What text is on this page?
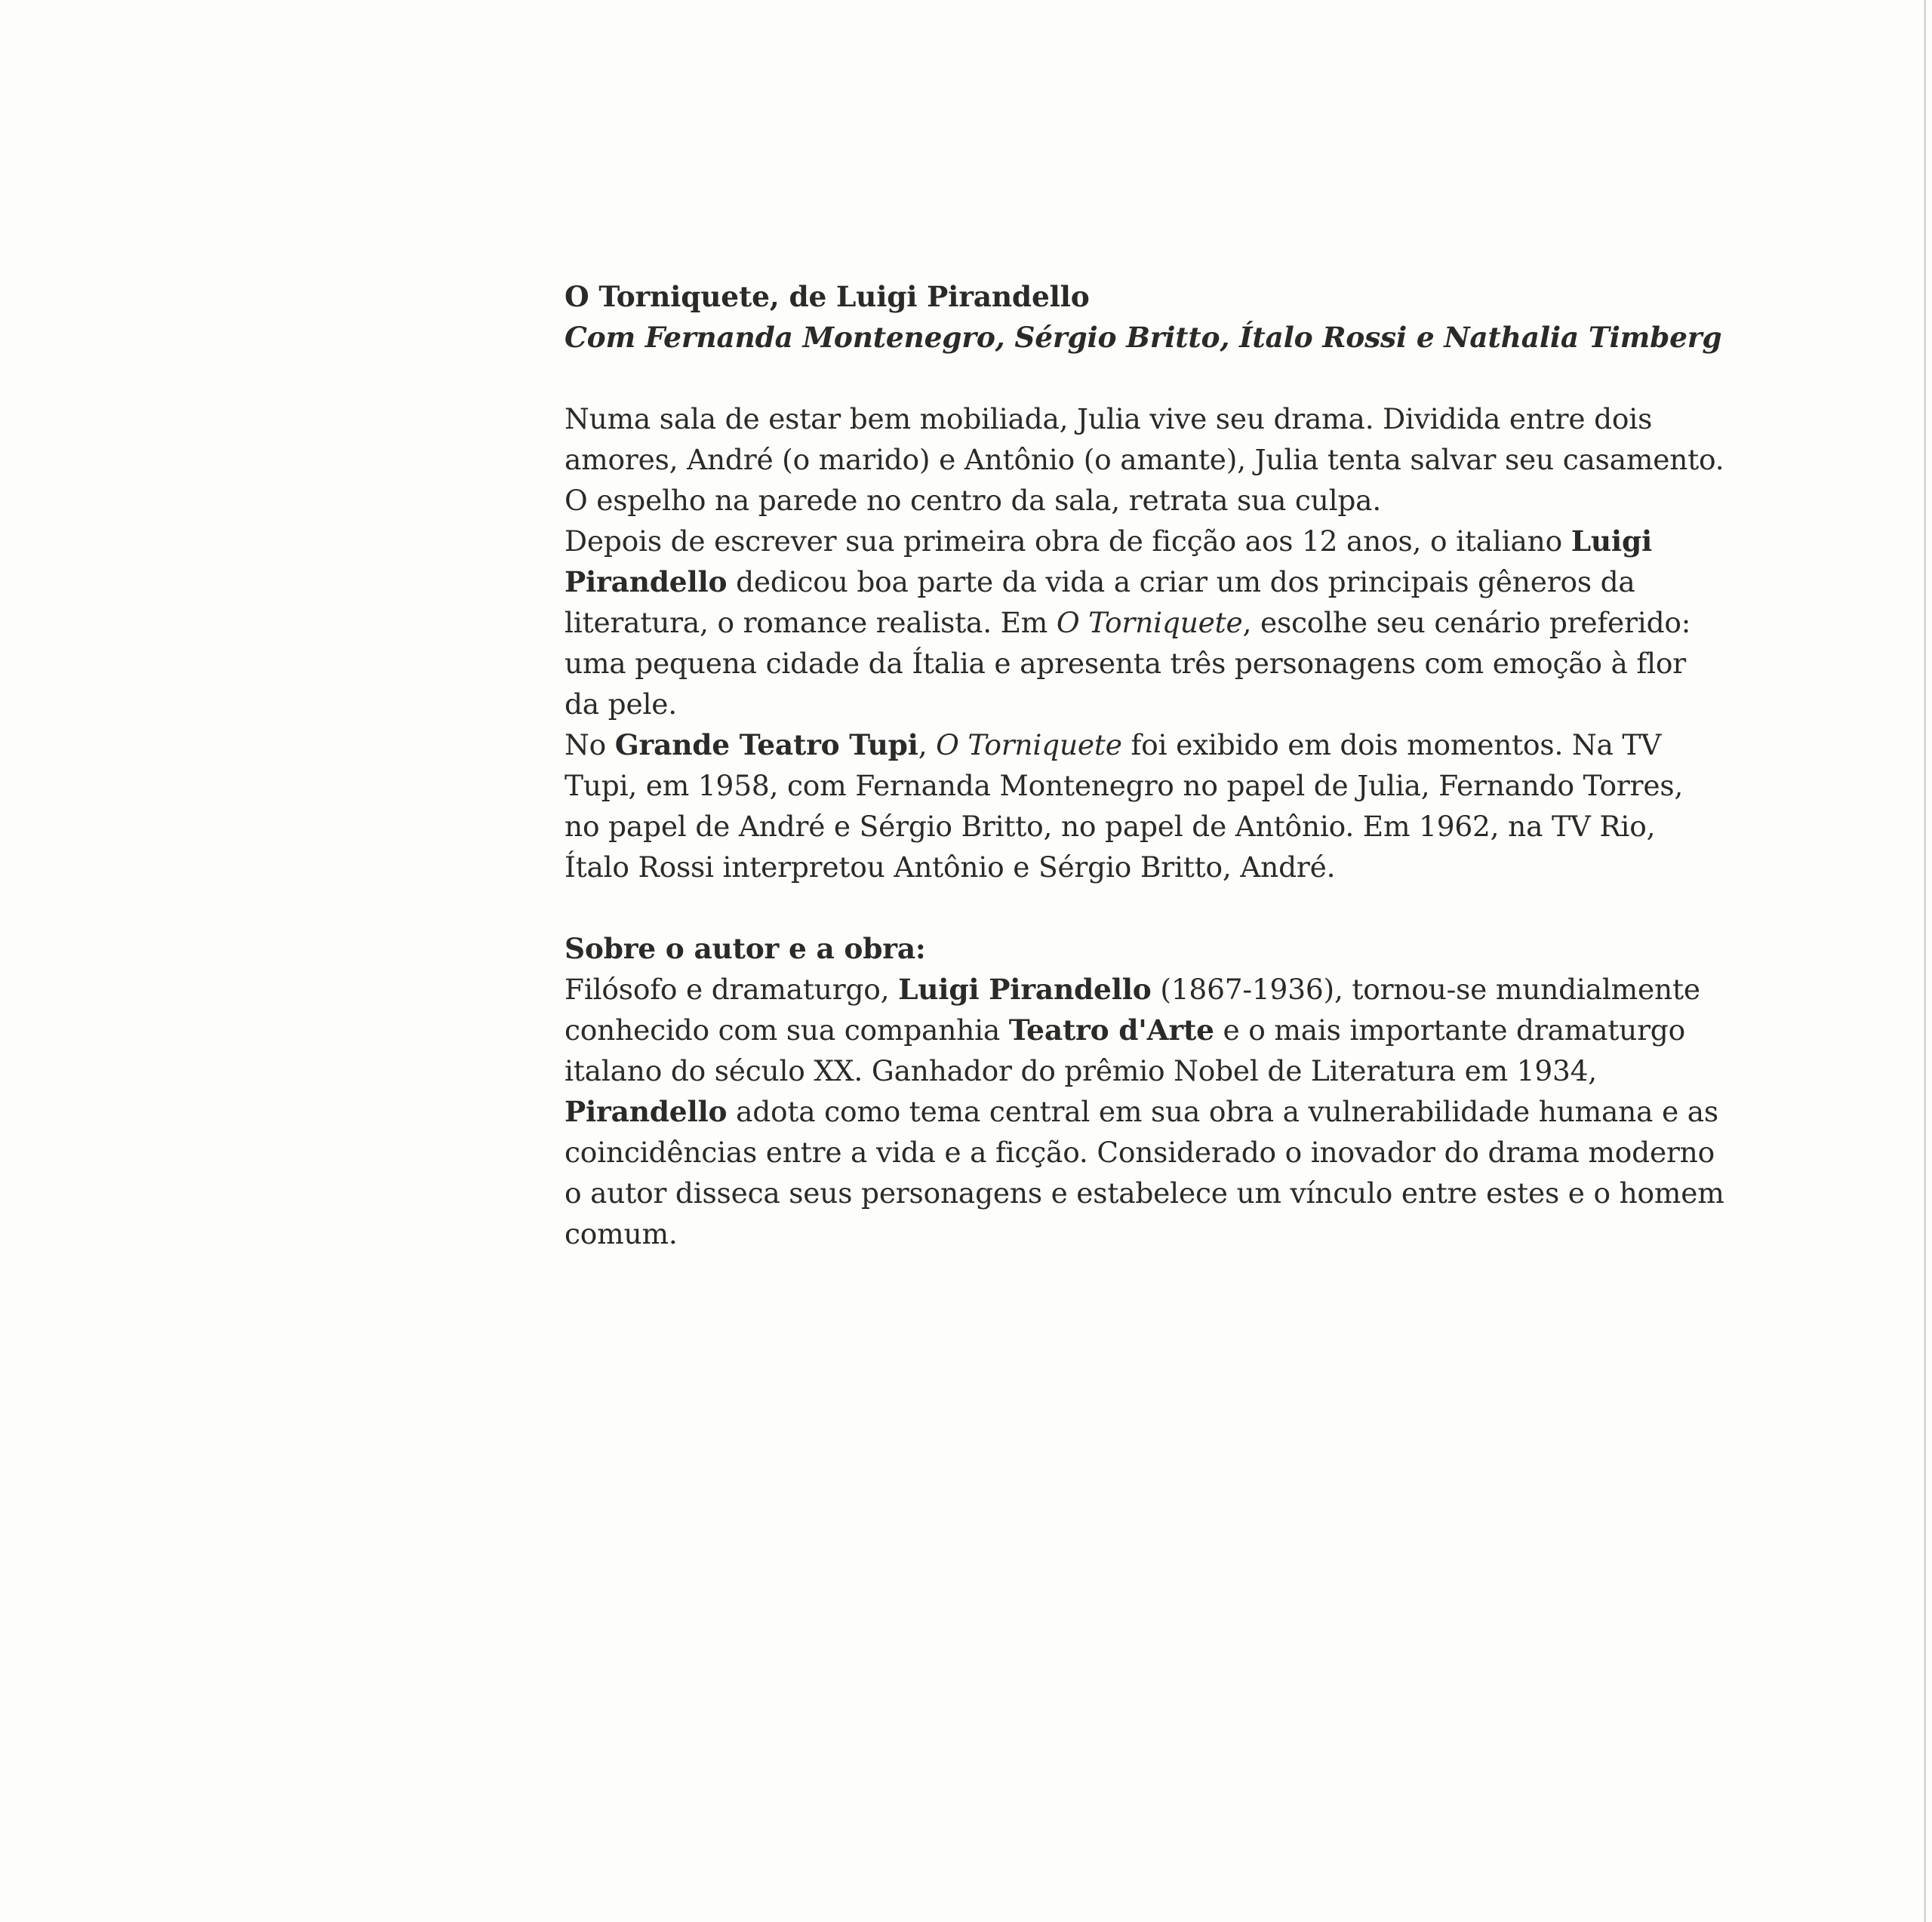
O Torniquete, de Luigi Pirandello

Com Fernanda Montenegro, Sérgio Britto, Ítalo Rossi e Nathalia Timberg

Numa sala de estar bem mobiliada, Julia vive seu drama. Dividida entre dois amores, André (o marido) e Antônio (o amante), Julia tenta salvar seu casamento. O espelho na parede no centro da sala, retrata sua culpa.

Depois de escrever sua primeira obra de ficção aos 12 anos, o italiano Luigi Pirandello dedicou boa parte da vida a criar um dos principais gêneros da literatura, o romance realista. Em O Torniquete, escolhe seu cenário preferido: uma pequena cidade da Ítalia e apresenta três personagens com emoção à flor da pele.

No Grande Teatro Tupi, O Torniquete foi exibido em dois momentos. Na TV Tupi, em 1958, com Fernanda Montenegro no papel de Julia, Fernando Torres, no papel de André e Sérgio Britto, no papel de Antônio. Em 1962, na TV Rio, Ítalo Rossi interpretou Antônio e Sérgio Britto, André.

Sobre o autor e a obra:

Filósofo e dramaturgo, Luigi Pirandello (1867-1936), tornou-se mundialmente conhecido com sua companhia Teatro d'Arte e o mais importante dramaturgo italano do século XX. Ganhador do prêmio Nobel de Literatura em 1934, Pirandello adota como tema central em sua obra a vulnerabilidade humana e as coincidências entre a vida e a ficção. Considerado o inovador do drama moderno o autor disseca seus personagens e estabelece um vínculo entre estes e o homem comum.
